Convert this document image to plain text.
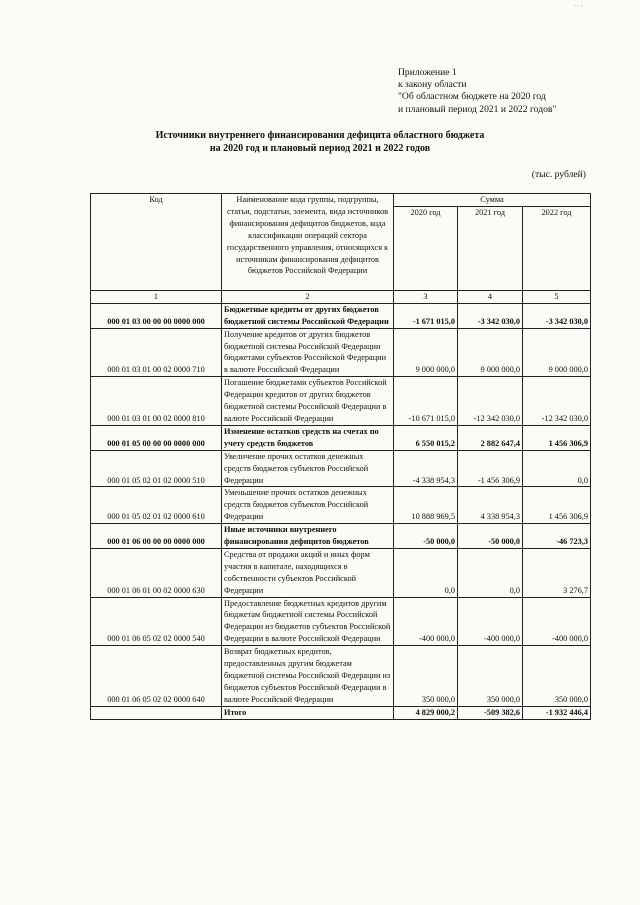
Приложение 1
к закону области
"Об областном бюджете на 2020 год
и плановый период 2021 и 2022 годов"
Источники внутреннего финансирования дефицита областного бюджета
на 2020 год и плановый период 2021 и 2022 годов
(тыс. рублей)
Код	Наименование кода группы, подгруппы, статьи, подстатьи, элемента, вида источников финансирования дефицитов бюджетов, кода классификации операций сектора государственного управления, относящихся к источникам финансирования дефицитов бюджетов Российской Федерации	Сумма		
		2020 год	2021 год	2022 год
1	2	3	4	5
000 01 03 00 00 00 0000 000	Бюджетные кредиты от других бюджетов бюджетной системы Российской Федерации	-1 671 015,0	-3 342 030,0	-3 342 030,0
000 01 03 01 00 02 0000 710	Получение кредитов от других бюджетов бюджетной системы Российской Федерации бюджетами субъектов Российской Федерации в валюте Российской Федерации	9 000 000,0	9 000 000,0	9 000 000,0
000 01 03 01 00 02 0000 810	Погашение бюджетами субъектов Российской Федерации кредитов от других бюджетов бюджетной системы Российской Федерации в валюте Российской Федерации	-10 671 015,0	-12 342 030,0	-12 342 030,0
000 01 05 00 00 00 0000 000	Изменение остатков средств на счетах по учету средств бюджетов	6 550 015,2	2 882 647,4	1 456 306,9
000 01 05 02 01 02 0000 510	Увеличение прочих остатков денежных средств бюджетов субъектов Российской Федерации	-4 338 954,3	-1 456 306,9	0,0
000 01 05 02 01 02 0000 610	Уменьшение прочих остатков денежных средств бюджетов субъектов Российской Федерации	10 888 969,5	4 338 954,3	1 456 306,9
000 01 06 00 00 00 0000 000	Иные источники внутреннего финансирования дефицитов бюджетов	-50 000,0	-50 000,0	-46 723,3
000 01 06 01 00 02 0000 630	Средства от продажи акций и иных форм участия в капитале, находящихся в собственности субъектов Российской Федерации	0,0	0,0	3 276,7
000 01 06 05 02 02 0000 540	Предоставление бюджетных кредитов другим бюджетам бюджетной системы Российской Федерации из бюджетов субъектов Российской Федерации в валюте Российской Федерации	-400 000,0	-400 000,0	-400 000,0
000 01 06 05 02 02 0000 640	Возврат бюджетных кредитов, предоставленных другим бюджетам бюджетной системы Российской Федерации из бюджетов субъектов Российской Федерации в валюте Российской Федерации	350 000,0	350 000,0	350 000,0
	Итого	4 829 000,2	-509 382,6	-1 932 446,4
·· ·
